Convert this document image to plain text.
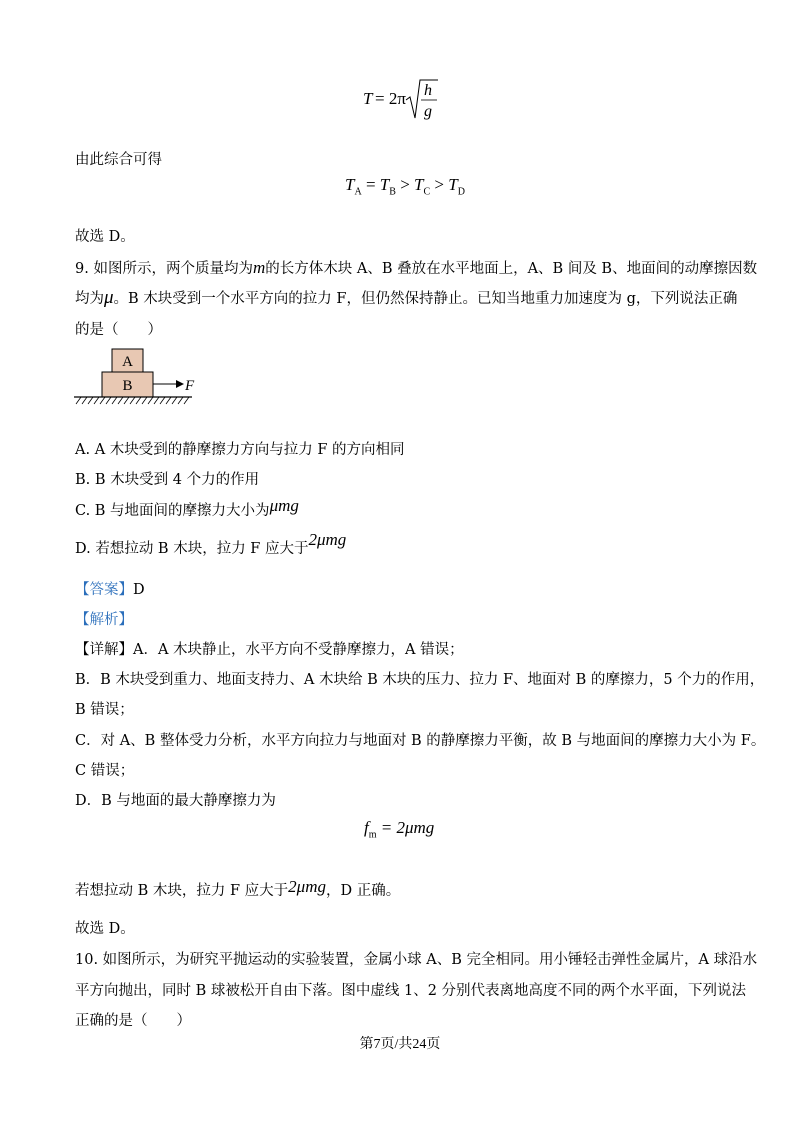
T = 2π h
g
由此综合可得
$T_A = T_B > T_C > T_D$
故选 D。
9. 如图所示，两个质量均为m的长方体木块 A、B 叠放在水平地面上，A、B 间及 B、地面间的动摩擦因数
均为μ。B 木块受到一个水平方向的拉力 F，但仍然保持静止。已知当地重力加速度为 g，下列说法正确
的是（　　）
A
B	F
A. A 木块受到的静摩擦力方向与拉力 F 的方向相同
B. B 木块受到 4 个力的作用
C. B 与地面间的摩擦力大小为μmg
D. 若想拉动 B 木块，拉力 F 应大于2μmg
【答案】D
【解析】
【详解】A．A 木块静止，水平方向不受静摩擦力，A 错误；
B．B 木块受到重力、地面支持力、A 木块给 B 木块的压力、拉力 F、地面对 B 的摩擦力，5 个力的作用，
B 错误；
C．对 A、B 整体受力分析，水平方向拉力与地面对 B 的静摩擦力平衡，故 B 与地面间的摩擦力大小为 F。
C 错误；
D．B 与地面的最大静摩擦力为
$f_m = 2\mu mg$
若想拉动 B 木块，拉力 F 应大于2μmg，D 正确。
故选 D。
10. 如图所示，为研究平抛运动的实验装置，金属小球 A、B 完全相同。用小锤轻击弹性金属片，A 球沿水
平方向抛出，同时 B 球被松开自由下落。图中虚线 1、2 分别代表离地高度不同的两个水平面，下列说法
正确的是（　　）
第7页/共24页
